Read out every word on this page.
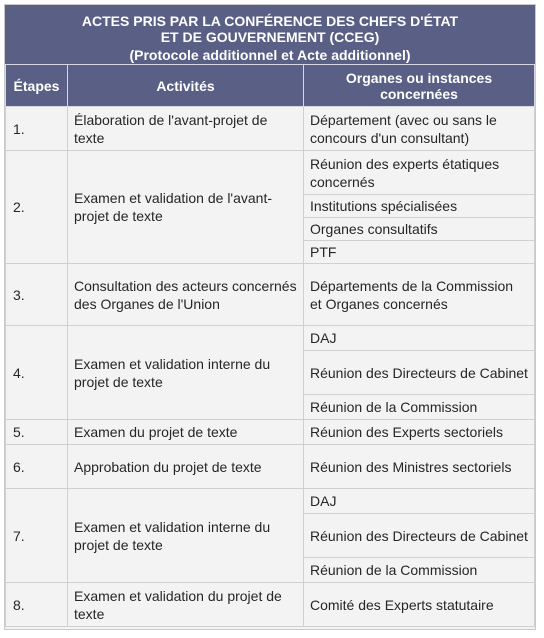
ACTES PRIS PAR LA CONFÉRENCE DES CHEFS D'ÉTAT
ET DE GOUVERNEMENT (CCEG)
(Protocole additionnel et Acte additionnel)
Étapes	Activités	Organes ou instances concernées
1.	Élaboration de l'avant-projet de texte	Département (avec ou sans le concours d'un consultant)

2.	Examen et validation de l'avant-projet de texte	Réunion des experts étatiques concernés
Institutions spécialisées
Organes consultatifs
PTF

3.	Consultation des acteurs concernés des Organes de l'Union	Départements de la Commission et Organes concernés

4.	Examen et validation interne du projet de texte	DAJ
Réunion des Directeurs de Cabinet
Réunion de la Commission

5.	Examen du projet de texte	Réunion des Experts sectoriels

6.	Approbation du projet de texte	Réunion des Ministres sectoriels

7.	Examen et validation interne du projet de texte	DAJ
Réunion des Directeurs de Cabinet
Réunion de la Commission

8.	Examen et validation du projet de texte	Comité des Experts statutaire
